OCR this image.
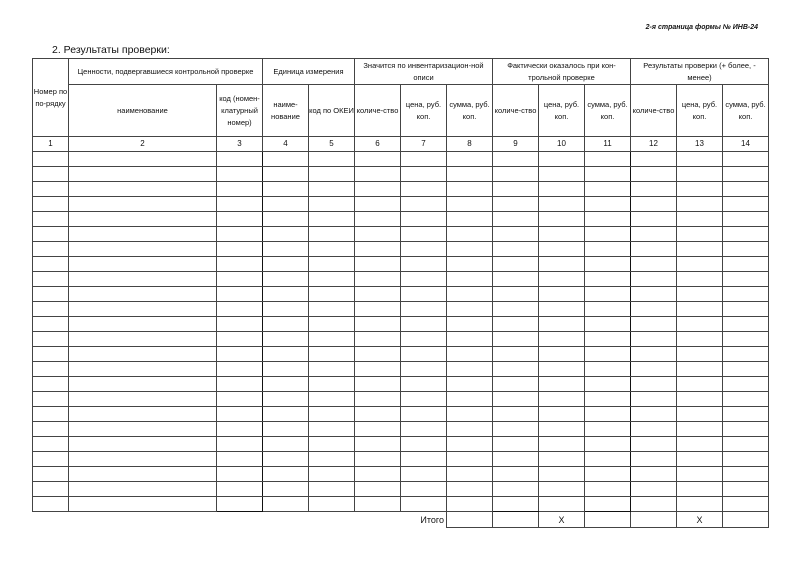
2-я страница формы № ИНВ-24
2. Результаты проверки:
Номер по по-рядку	Ценности, подвергавшиеся контрольной проверке		Единица измерения		Значится по инвентаризацион-ной описи			Фактически оказалось при кон-трольной проверке			Результаты проверки (+ более, - менее)		
	наименование	код (номен-клатурный номер)	наиме-нование	код по ОКЕИ	количе-ство	цена, руб. коп.	сумма, руб. коп.	количе-ство	цена, руб. коп.	сумма, руб. коп.	количе-ство	цена, руб. коп.	сумма, руб. коп.
1	2	3	4	5	6	7	8	9	10	11	12	13	14

						Итого			Х			Х	
